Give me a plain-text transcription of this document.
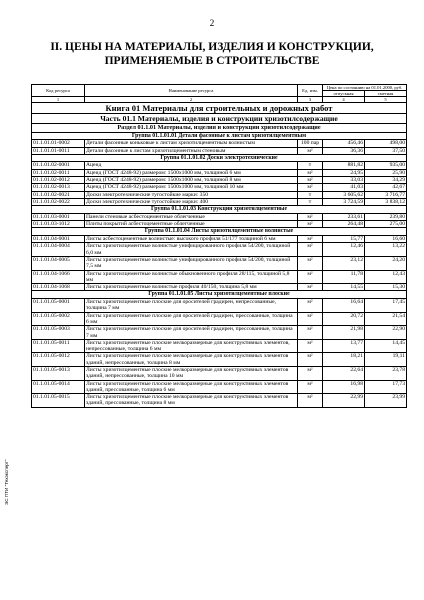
2
II. ЦЕНЫ НА МАТЕРИАЛЫ, ИЗДЕЛИЯ И КОНСТРУКЦИИ,
ПРИМЕНЯЕМЫЕ В СТРОИТЕЛЬСТВЕ
Код ресурса	Наименование ресурса	Ед. изм.	Цена по состоянию на 01.01.2000, руб.	
			отпускная	сметная
1	2	3	4	5
Книга 01 Материалы для строительных и дорожных работ				
Часть 01.1 Материалы, изделия и конструкции хризотилсодержащие				
Раздел 01.1.01 Материалы, изделия и конструкции хризотилсодержащие				
Группа 01.1.01.01 Детали фасонные к листам хризотилцементным				
01.1.01.01-0002	Детали фасонные коньковые к листам хризотилцементным волнистым	100 пар	456,46	498,00
01.1.01.01-0011	Детали фасонные к листам хризотилцементным стеновым	м²	36,36	37,50
Группа 01.1.01.02 Доски электротехнические				
01.1.01.02-0001	Ацеид	т	881,82	935,00
01.1.01.02-0011	Ацеид (ГОСТ 4248-92) размером: 1500х1000 мм, толщиной 6 мм	м²	24,95	25,90
01.1.01.02-0012	Ацеид (ГОСТ 4248-92) размером: 1500х1000 мм, толщиной 8 мм	м²	33,03	34,29
01.1.01.02-0013	Ацеид (ГОСТ 4248-92) размером: 1500х1000 мм, толщиной 10 мм	м²	41,03	42,67
01.1.01.02-0021	Доски электротехнические тугостойкие марки: 350	т	3 605,62	3 716,77
01.1.01.02-0022	Доски электротехнические тугостойкие марки: 400	т	3 724,59	3 838,12
Группа 01.1.01.03 Конструкции хризотилцементные				
01.1.01.03-0001	Панели стеновые асбестоцементные облегченные	м²	233,61	239,80
01.1.01.03-1012	Плиты покрытий асбестоцементные облегченные	м²	264,48	275,00
Группа 01.1.01.04 Листы хризотилцементные волнистые				
01.1.01.04-0001	Листы асбестоцементные волнистые: высокого профиля 51/177 толщиной 6 мм	м²	15,77	16,60
01.1.01.04-0004	Листы хризотилцементные волнистые унифицированного профиля 54/200, толщиной 6,0 мм	м²	12,46	13,22
01.1.01.04-0005	Листы хризотилцементные волнистые унифицированного профиля 54/200, толщиной 7,5 мм	м²	23,12	24,20
01.1.01.04-1066	Листы хризотилцементные волнистые обыкновенного профиля 28/115, толщиной 5,8 мм	м²	11,78	12,43
01.1.01.04-1068	Листы хризотилцементные волнистые профиля 40/150, толщина 5,8 мм	м²	14,55	15,30
Группа 01.1.01.05 Листы хризотилцементные плоские				
01.1.01.05-0001	Листы хризотилцементные плоские для оросителей градирен, непрессованные, толщина 7 мм	м²	16,64	17,45
01.1.01.05-0002	Листы хризотилцементные плоские для оросителей градирен, прессованные, толщина 6 мм	м²	20,72	21,54
01.1.01.05-0003	Листы хризотилцементные плоские для оросителей градирен, прессованные, толщина 7 мм	м²	21,98	22,90
01.1.01.05-0011	Листы хризотилцементные плоские мелкоразмерные для конструктивных элементов, непрессованные, толщина 6 мм	м²	13,77	14,45
01.1.01.05-0012	Листы хризотилцементные плоские мелкоразмерные для конструктивных элементов зданий, непрессованные, толщина 8 мм	м²	18,21	19,11
01.1.01.05-0013	Листы хризотилцементные плоские мелкоразмерные для конструктивных элементов зданий, непрессованные, толщина 10 мм	м²	22,64	23,78
01.1.01.05-0014	Листы хризотилцементные плоские мелкоразмерные для конструктивных элементов зданий, прессованные, толщина 6 мм	м²	16,98	17,73
01.1.01.05-0015	Листы хризотилцементные плоские мелкоразмерные для конструктивных элементов зданий, прессованные, толщина 8 мм	м²	22,99	23,99
ЭС ПТИ "Техэксперт"
